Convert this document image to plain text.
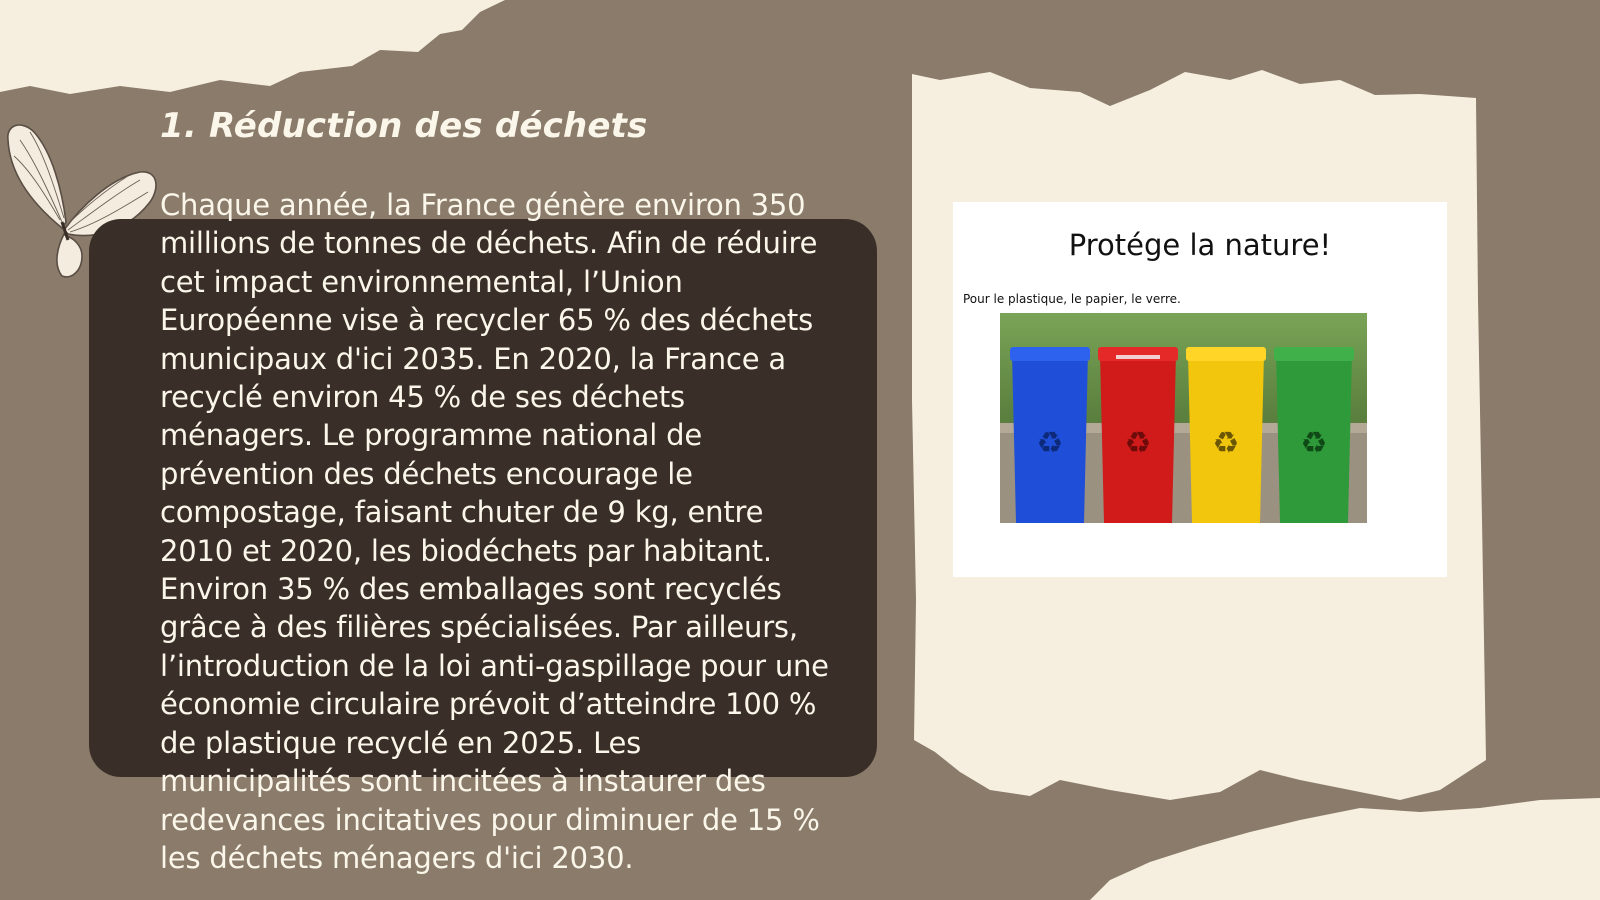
1. Réduction des déchets

Chaque année, la France génère environ 350 millions de tonnes de déchets. Afin de réduire cet impact environnemental, l’Union Européenne vise à recycler 65 % des déchets municipaux d'ici 2035. En 2020, la France a recyclé environ 45 % de ses déchets ménagers. Le programme national de prévention des déchets encourage le compostage, faisant chuter de 9 kg, entre 2010 et 2020, les biodéchets par habitant. Environ 35 % des emballages sont recyclés grâce à des filières spécialisées. Par ailleurs, l’introduction de la loi anti-gaspillage pour une économie circulaire prévoit d’atteindre 100 % de plastique recyclé en 2025. Les municipalités sont incitées à instaurer des redevances incitatives pour diminuer de 15 % les déchets ménagers d'ici 2030.

Protége la nature!

Pour le plastique, le papier, le verre.

♻ ♻ ♻ ♻
